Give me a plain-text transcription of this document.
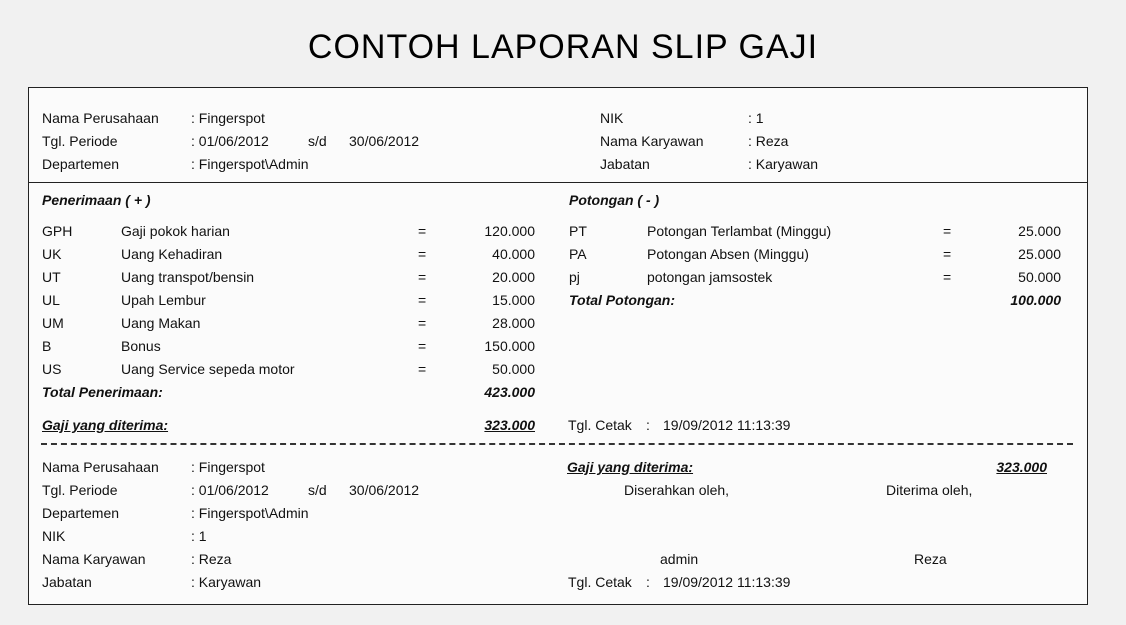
CONTOH LAPORAN SLIP GAJI
Nama Perusahaan : Fingerspot
Tgl. Periode	: 01/06/2012	s/d 30/06/2012
Departemen	: Fingerspot\Admin
NIK	: 1
Nama Karyawan	: Reza
Jabatan	: Karyawan
Penerimaan ( + )
GPH	Gaji pokok harian	=	120.000
UK	Uang Kehadiran	=	40.000
UT	Uang transpot/bensin	=	20.000
UL	Upah Lembur	=	15.000
UM	Uang Makan	=	28.000
B	Bonus	=	150.000
US	Uang Service sepeda motor	=	50.000
Total Penerimaan:	423.000
Gaji yang diterima:	323.000
Potongan ( - )
PT	Potongan Terlambat (Minggu)	=	25.000
PA	Potongan Absen (Minggu)	=	25.000
pj	potongan jamsostek	=	50.000
Total Potongan:	100.000
Tgl. Cetak : 19/09/2012 11:13:39
Nama Perusahaan : Fingerspot
Tgl. Periode	: 01/06/2012	s/d 30/06/2012
Departemen	: Fingerspot\Admin
NIK	: 1
Nama Karyawan	: Reza
Jabatan	: Karyawan
Gaji yang diterima:	323.000
Diserahkan oleh,	Diterima oleh,
admin	Reza
Tgl. Cetak : 19/09/2012 11:13:39
